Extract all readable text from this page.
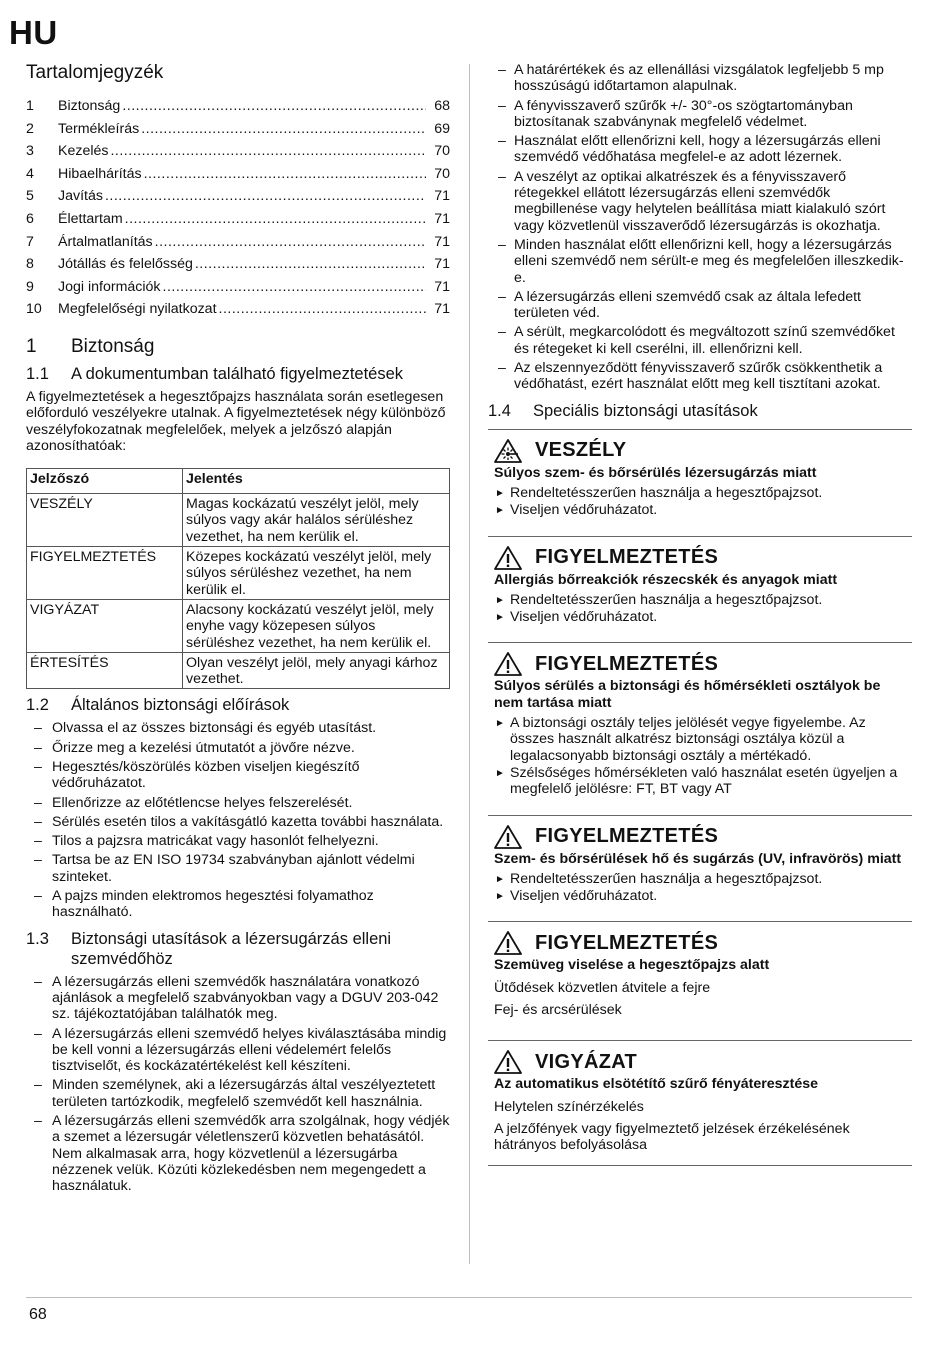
HU
Tartalomjegyzék
1	Biztonság .....	68
2	Termékleírás .....	69
3	Kezelés .....	70
4	Hibaelhárítás .....	70
5	Javítás .....	71
6	Élettartam .....	71
7	Ártalmatlanítás .....	71
8	Jótállás és felelősség .....	71
9	Jogi információk .....	71
10	Megfelelőségi nyilatkozat .....	71
1	Biztonság
1.1	A dokumentumban található figyelmeztetések

A figyelmeztetések a hegesztőpajzs használata során esetlegesen előforduló veszélyekre utalnak. A figyelmeztetések négy különböző veszélyfokozatnak megfelelőek, melyek a jelzőszó alapján azonosíthatóak:

Jelzőszó	Jelentés
VESZÉLY	Magas kockázatú veszélyt jelöl, mely súlyos vagy akár halálos sérüléshez vezethet, ha nem kerülik el.
FIGYELMEZTETÉS	Közepes kockázatú veszélyt jelöl, mely súlyos sérüléshez vezethet, ha nem kerülik el.
VIGYÁZAT	Alacsony kockázatú veszélyt jelöl, mely enyhe vagy közepesen súlyos sérüléshez vezethet, ha nem kerülik el.
ÉRTESÍTÉS	Olyan veszélyt jelöl, mely anyagi kárhoz vezethet.
1.2	Általános biztonsági előírások
– Olvassa el az összes biztonsági és egyéb utasítást.
– Őrizze meg a kezelési útmutatót a jövőre nézve.
– Hegesztés/köszörülés közben viseljen kiegészítő védőruházatot.
– Ellenőrizze az előtétlencse helyes felszerelését.
– Sérülés esetén tilos a vakításgátló kazetta további használata.
– Tilos a pajzsra matricákat vagy hasonlót felhelyezni.
– Tartsa be az EN ISO 19734 szabványban ajánlott védelmi szinteket.
– A pajzs minden elektromos hegesztési folyamathoz használható.
1.3	Biztonsági utasítások a lézersugárzás elleni szemvédőhöz
– A lézersugárzás elleni szemvédők használatára vonatkozó ajánlások a megfelelő szabványokban vagy a DGUV 203-042 sz. tájékoztatójában találhatók meg.
– A lézersugárzás elleni szemvédő helyes kiválasztásába mindig be kell vonni a lézersugárzás elleni védelemért felelős tisztviselőt, és kockázatértékelést kell készíteni.
– Minden személynek, aki a lézersugárzás által veszélyeztetett területen tartózkodik, megfelelő szemvédőt kell használnia.
– A lézersugárzás elleni szemvédők arra szolgálnak, hogy védjék a szemet a lézersugár véletlenszerű közvetlen behatásától. Nem alkalmasak arra, hogy közvetlenül a lézersugárba nézzenek velük. Közúti közlekedésben nem megengedett a használatuk.
– A határértékek és az ellenállási vizsgálatok legfeljebb 5 mp hosszúságú időtartamon alapulnak.
– A fényvisszaverő szűrők +/- 30°-os szögtartományban biztosítanak szabványnak megfelelő védelmet.
– Használat előtt ellenőrizni kell, hogy a lézersugárzás elleni szemvédő védőhatása megfelel-e az adott lézernek.
– A veszélyt az optikai alkatrészek és a fényvisszaverő rétegekkel ellátott lézersugárzás elleni szemvédők megbillenése vagy helytelen beállítása miatt kialakuló szórt vagy közvetlenül visszaverődő lézersugárzás is okozhatja.
– Minden használat előtt ellenőrizni kell, hogy a lézersugárzás elleni szemvédő nem sérült-e meg és megfelelően illeszkedik-e.
– A lézersugárzás elleni szemvédő csak az általa lefedett területen véd.
– A sérült, megkarcolódott és megváltozott színű szemvédőket és rétegeket ki kell cserélni, ill. ellenőrizni kell.
– Az elszennyeződött fényvisszaverő szűrők csökkenthetik a védőhatást, ezért használat előtt meg kell tisztítani azokat.
1.4	Speciális biztonsági utasítások
VESZÉLY
Súlyos szem- és bőrsérülés lézersugárzás miatt
► Rendeltetésszerűen használja a hegesztőpajzsot.
► Viseljen védőruházatot.
FIGYELMEZTETÉS
Allergiás bőrreakciók részecskék és anyagok miatt
► Rendeltetésszerűen használja a hegesztőpajzsot.
► Viseljen védőruházatot.
FIGYELMEZTETÉS
Súlyos sérülés a biztonsági és hőmérsékleti osztályok be nem tartása miatt
► A biztonsági osztály teljes jelölését vegye figyelembe. Az összes használt alkatrész biztonsági osztálya közül a legalacsonyabb biztonsági osztály a mértékadó.
► Szélsőséges hőmérsékleten való használat esetén ügyeljen a megfelelő jelölésre: FT, BT vagy AT
FIGYELMEZTETÉS
Szem- és bőrsérülések hő és sugárzás (UV, infravörös) miatt
► Rendeltetésszerűen használja a hegesztőpajzsot.
► Viseljen védőruházatot.
FIGYELMEZTETÉS
Szemüveg viselése a hegesztőpajzs alatt
Ütődések közvetlen átvitele a fejre
Fej- és arcsérülések
VIGYÁZAT
Az automatikus elsötétítő szűrő fényáteresztése
Helytelen színérzékelés
A jelzőfények vagy figyelmeztető jelzések érzékelésének hátrányos befolyásolása
68
